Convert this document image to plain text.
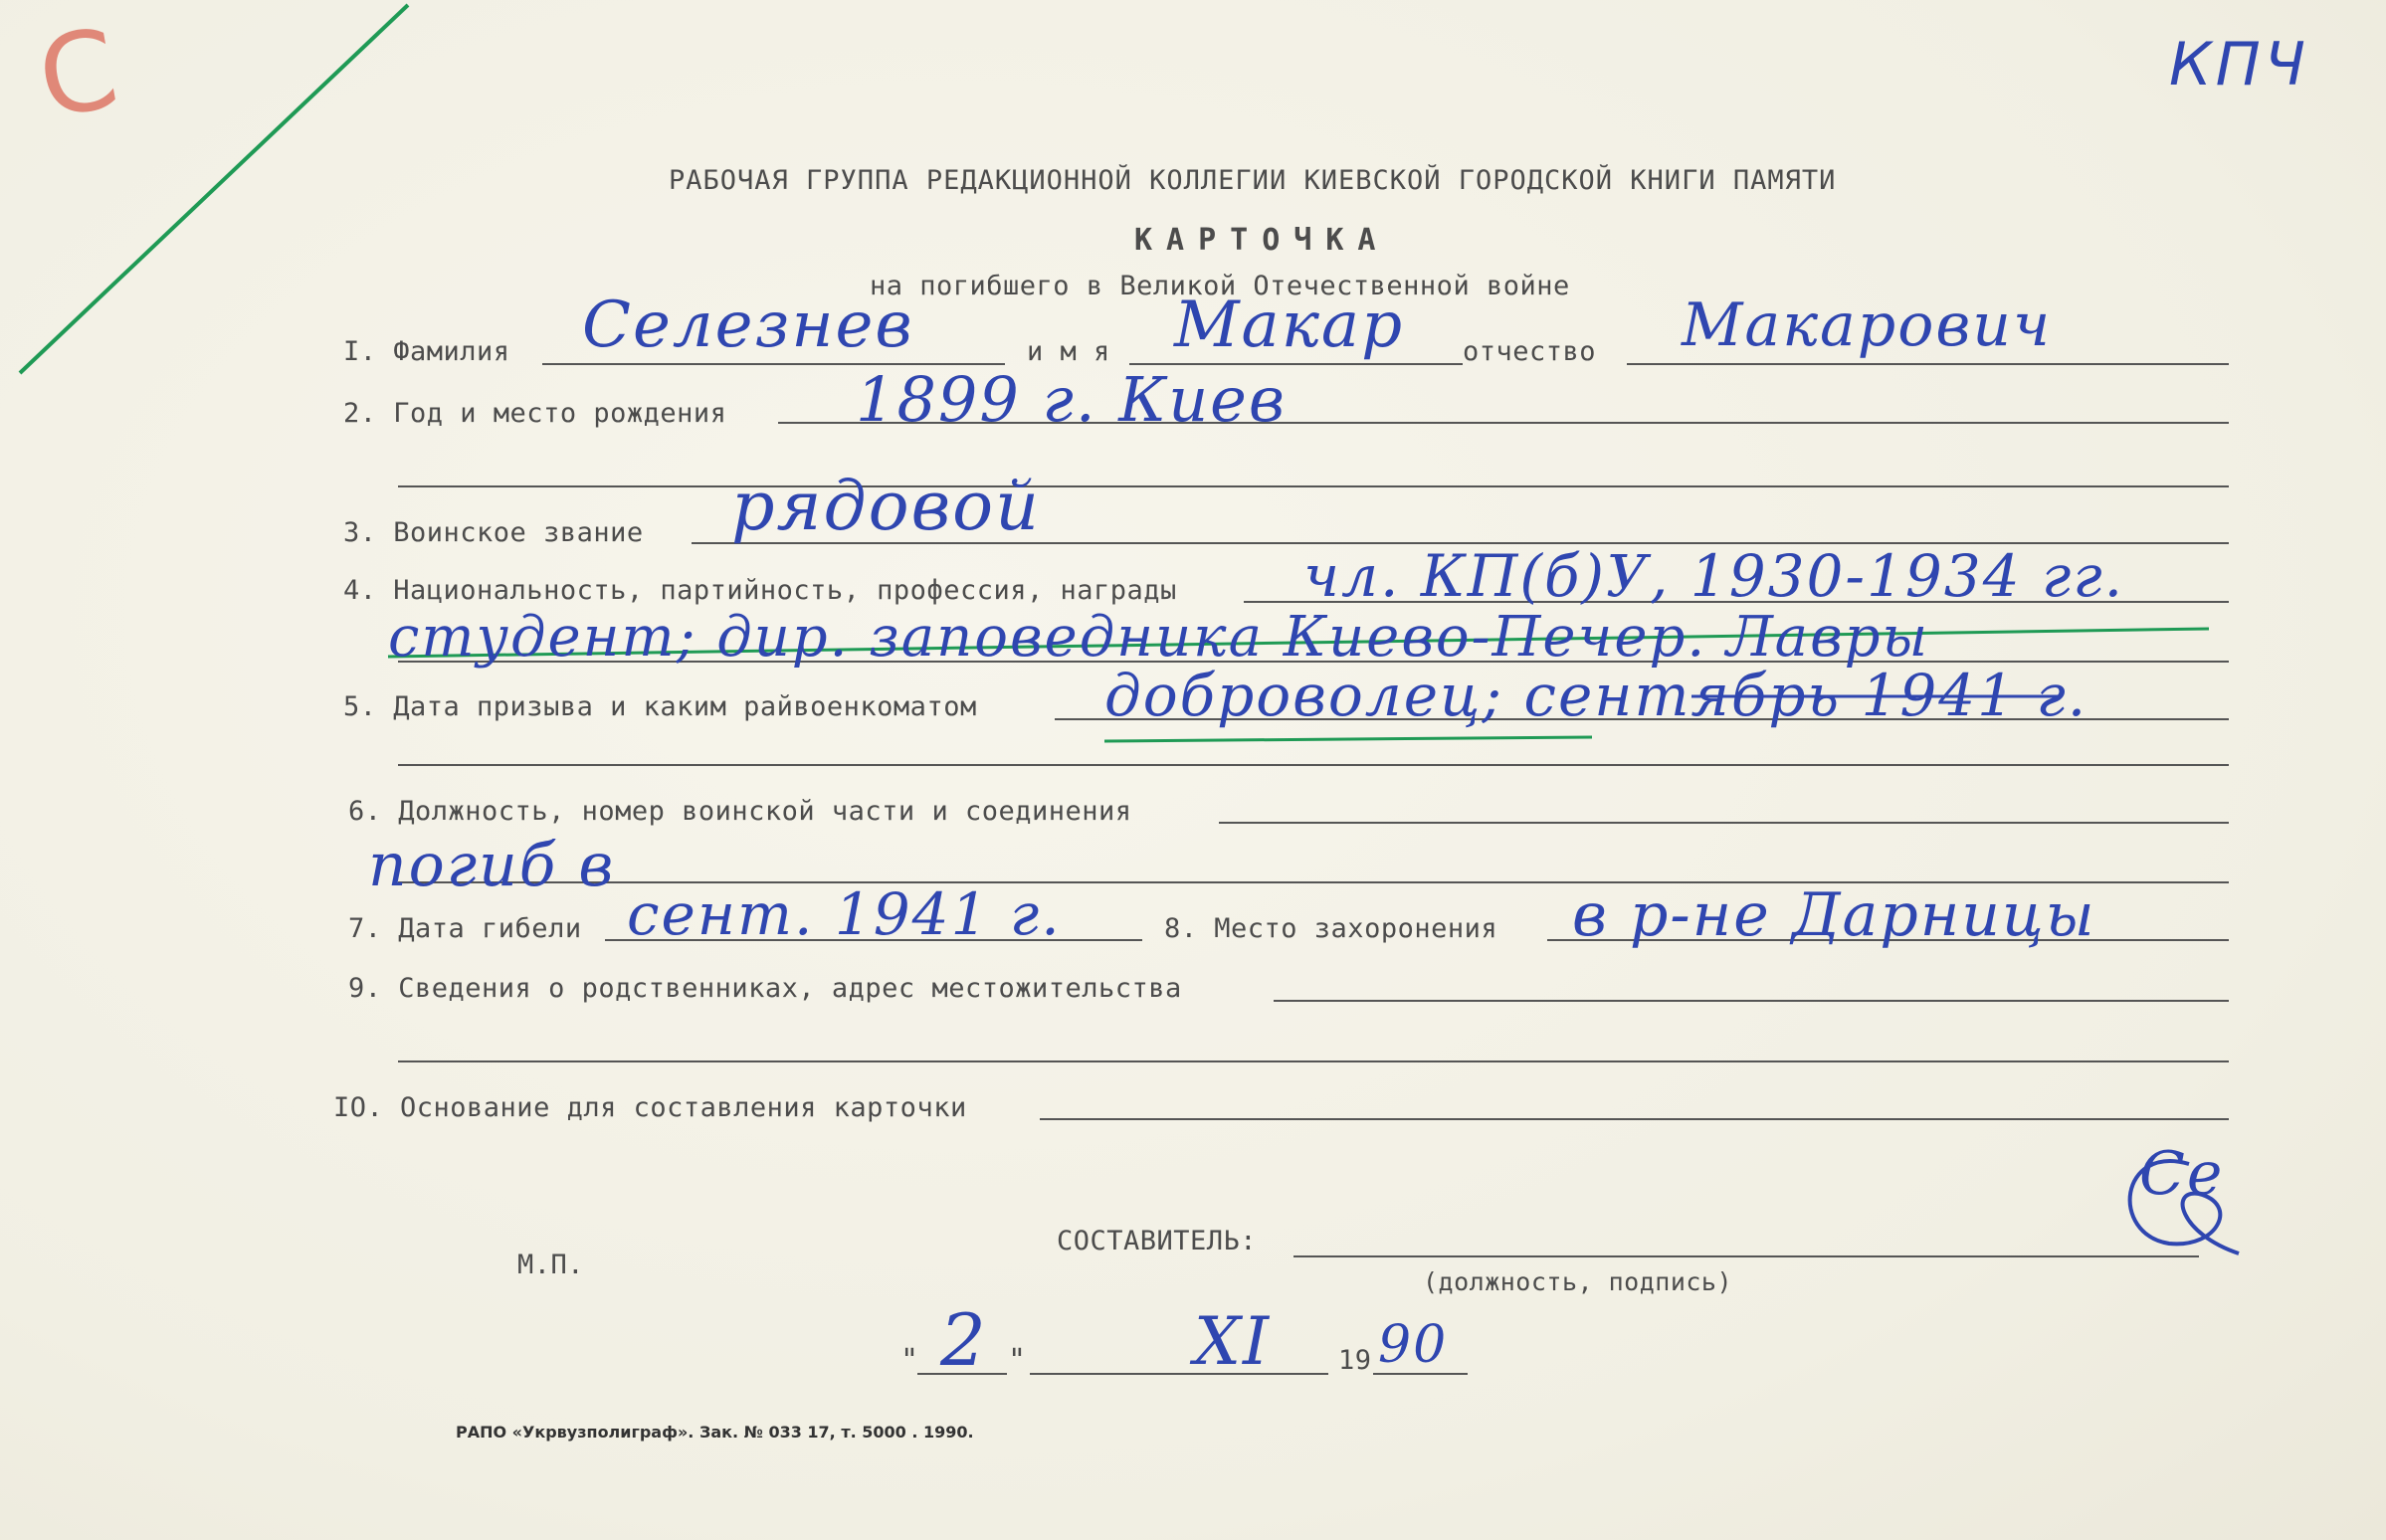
С	КПЧ
РАБОЧАЯ ГРУППА РЕДАКЦИОННОЙ КОЛЛЕГИИ КИЕВСКОЙ ГОРОДСКОЙ КНИГИ ПАМЯТИ
КАРТОЧКА
на погибшего в Великой Отечественной войне
I. Фамилия Селезнев	и м я Макар отчество Макарович
2. Год и место рождения 1899 г. Киев
3. Воинское звание рядовой
4. Национальность, партийность, профессия, награды чл. КП(б)У, 1930-1934 гг.
студент; дир. заповедника Киево-Печер. Лавры
5. Дата призыва и каким райвоенкоматом доброволец; сентябрь 1941 г.
6. Должность, номер воинской части и соединения
погиб в
7. Дата гибели сент. 1941 г.	8. Место захоронения в р-не Дарницы
9. Сведения о родственниках, адрес местожительства
IO. Основание для составления карточки
М.П.
СОСТАВИТЕЛЬ:
(должность, подпись)
Се
" 2 "	XI	19 90
РАПО «Укрвузполиграф». Зак. № 033 17, т. 5000 . 1990.
